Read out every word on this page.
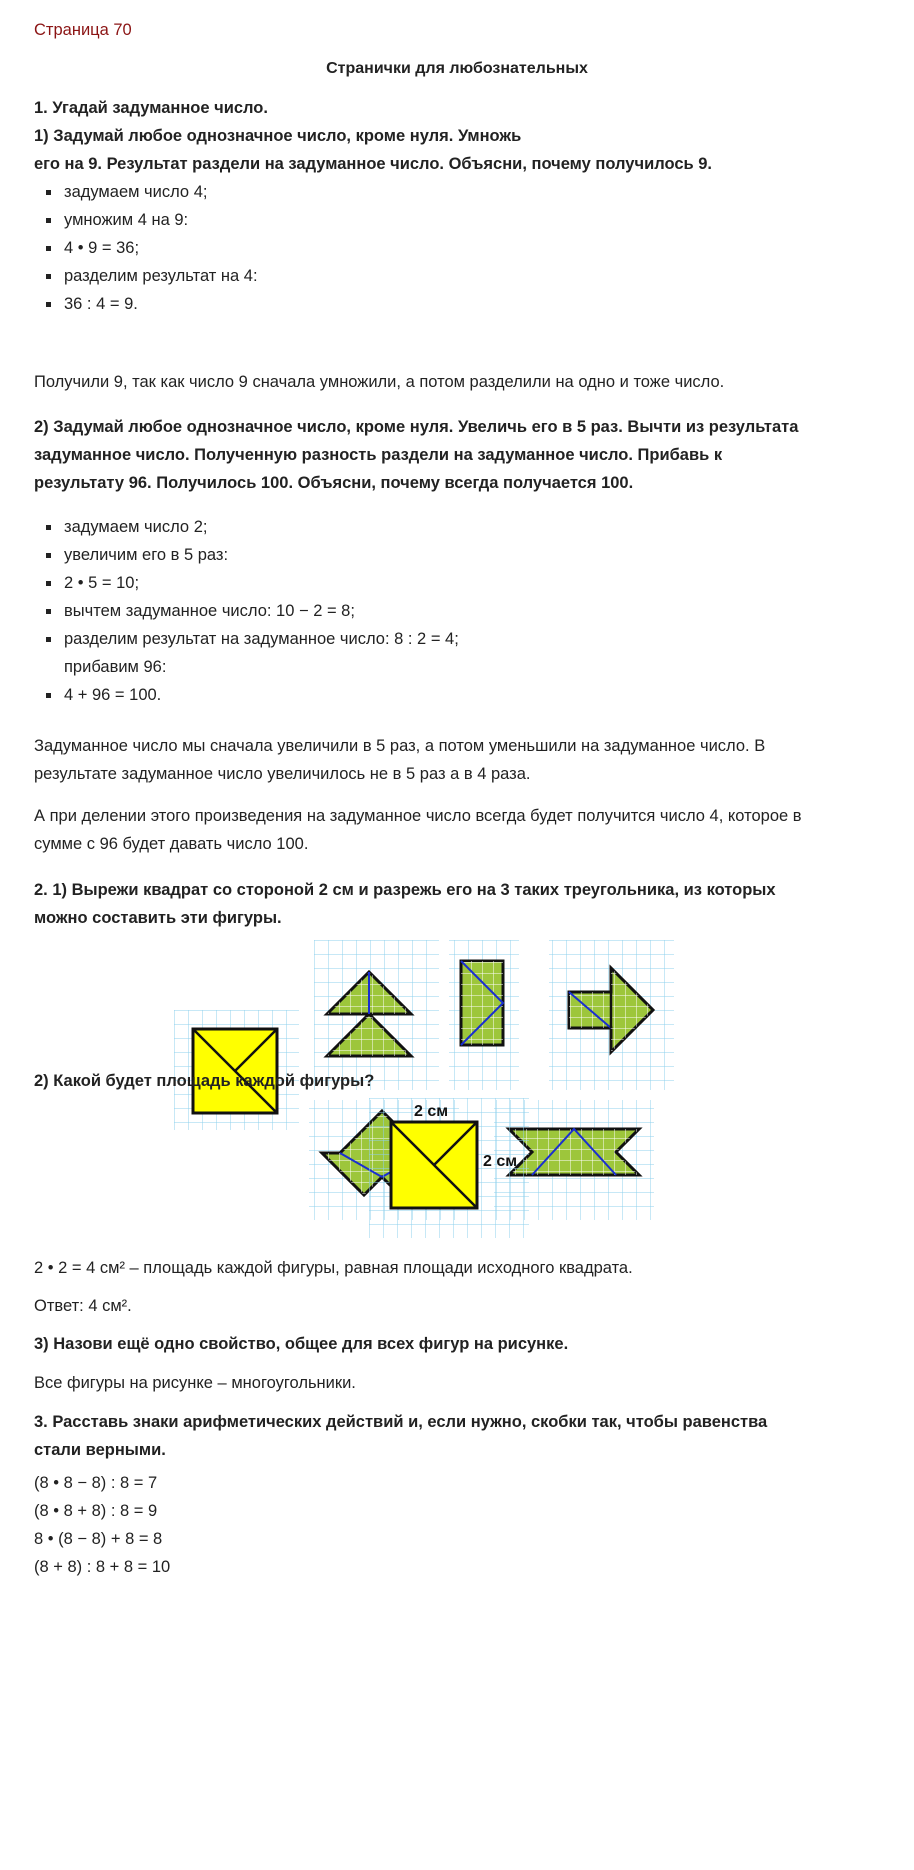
Страница 70
Странички для любознательных
1. Угадай задуманное число.
1) Задумай любое однозначное число, кроме нуля. Умножь
его на 9. Результат раздели на задуманное число. Объясни, почему получилось 9.
задумаем число 4;
умножим 4 на 9:
4 • 9 = 36;
разделим результат на 4:
36 : 4 = 9.
Получили 9, так как число 9 сначала умножили, а потом разделили на одно и тоже число.
2) Задумай любое однозначное число, кроме нуля. Увеличь его в 5 раз. Вычти из результата
задуманное число. Полученную разность раздели на задуманное число. Прибавь к
результату 96. Получилось 100. Объясни, почему всегда получается 100.
задумаем число 2;
увеличим его в 5 раз:
2 • 5 = 10;
вычтем задуманное число: 10 − 2 = 8;
разделим результат на задуманное число: 8 : 2 = 4;
прибавим 96:
4 + 96 = 100.
Задуманное число мы сначала увеличили в 5 раз, а потом уменьшили на задуманное число. В
результате задуманное число увеличилось не в 5 раз а в 4 раза.
А при делении этого произведения на задуманное число всегда будет получится число 4, которое в
сумме с 96 будет давать число 100.
2. 1) Вырежи квадрат со стороной 2 см и разрежь его на 3 таких треугольника, из которых
можно составить эти фигуры.
2) Какой будет площадь каждой фигуры?
2 см
2 см
2 • 2 = 4 см² – площадь каждой фигуры, равная площади исходного квадрата.
Ответ: 4 см².
3) Назови ещё одно свойство, общее для всех фигур на рисунке.
Все фигуры на рисунке – многоугольники.
3. Расставь знаки арифметических действий и, если нужно, скобки так, чтобы равенства
стали верными.
(8 • 8 − 8) : 8 = 7
(8 • 8 + 8) : 8 = 9
8 • (8 − 8) + 8 = 8
(8 + 8) : 8 + 8 = 10
